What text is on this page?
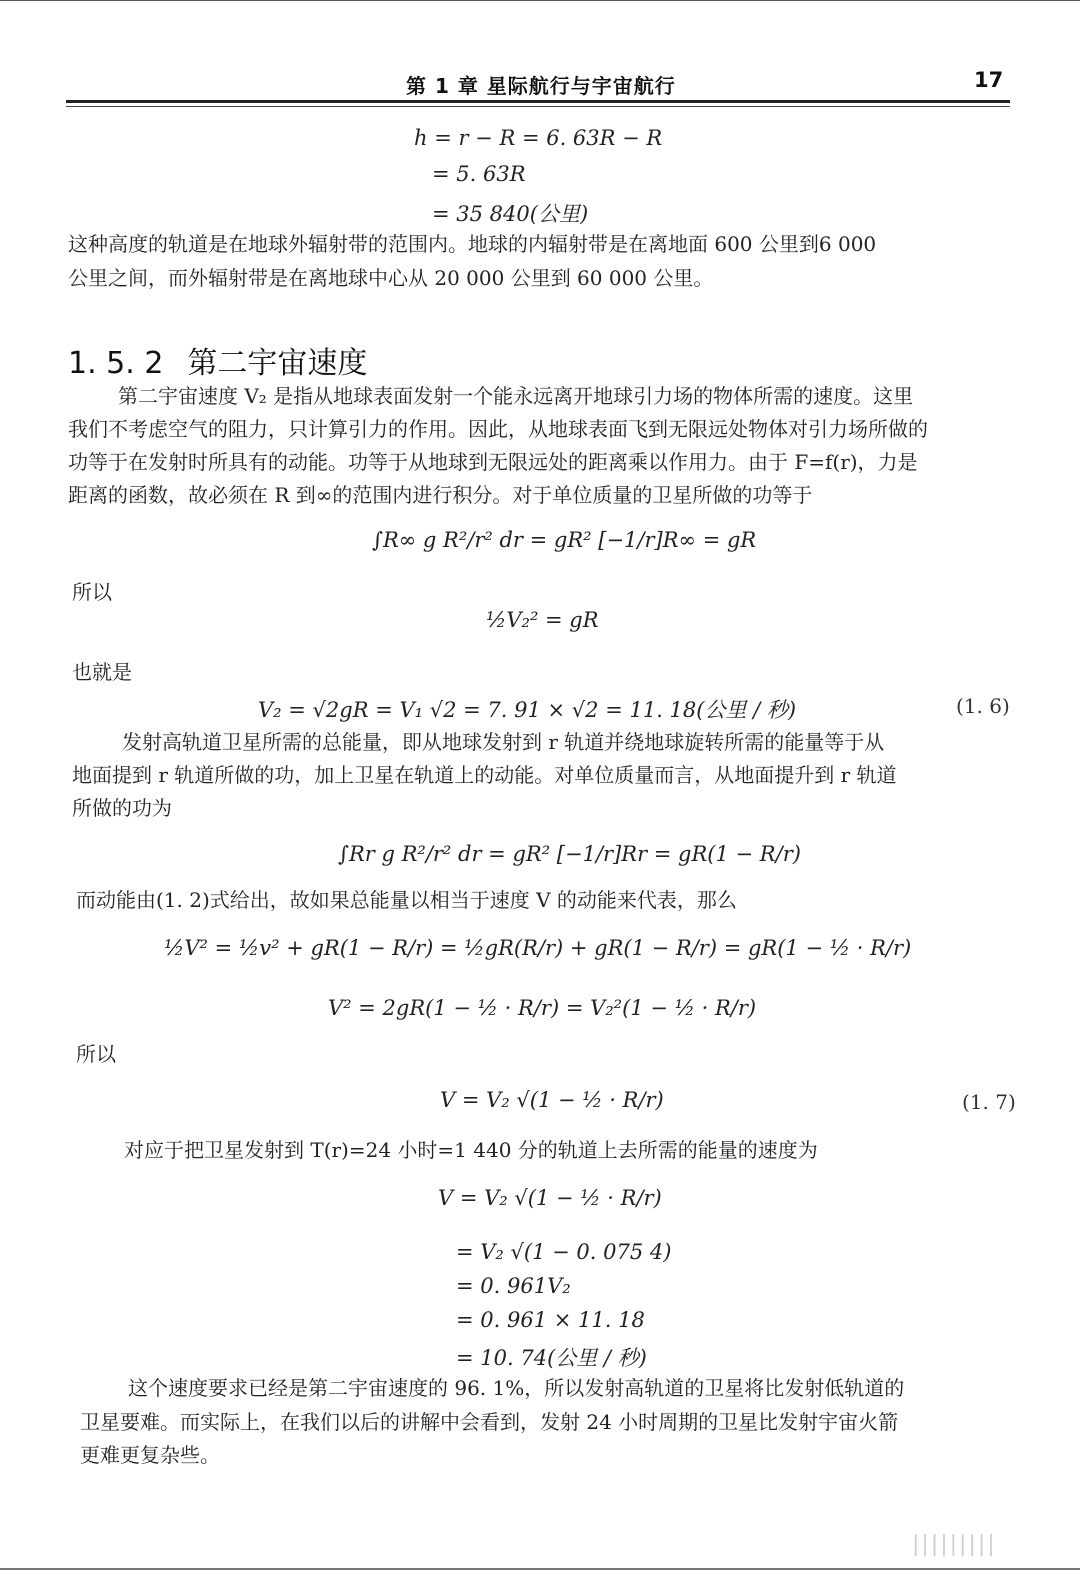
第 1 章 星际航行与宇宙航行	17
h = r − R = 6. 63R − R
= 5. 63R
= 35 840(公里)
这种高度的轨道是在地球外辐射带的范围内。地球的内辐射带是在离地面 600 公里到6 000
公里之间，而外辐射带是在离地球中心从 20 000 公里到 60 000 公里。
1. 5. 2 第二宇宙速度
第二宇宙速度 V₂ 是指从地球表面发射一个能永远离开地球引力场的物体所需的速度。这里
我们不考虑空气的阻力，只计算引力的作用。因此，从地球表面飞到无限远处物体对引力场所做的
功等于在发射时所具有的动能。功等于从地球到无限远处的距离乘以作用力。由于 F=f(r)，力是
距离的函数，故必须在 R 到∞的范围内进行积分。对于单位质量的卫星所做的功等于
∫R∞ g R²/r² dr = gR² [−1/r]R∞ = gR
所以
½V₂² = gR
也就是
V₂ = √2gR = V₁ √2 = 7. 91 × √2 = 11. 18(公里 / 秒)	(1. 6)
发射高轨道卫星所需的总能量，即从地球发射到 r 轨道并绕地球旋转所需的能量等于从
地面提到 r 轨道所做的功，加上卫星在轨道上的动能。对单位质量而言，从地面提升到 r 轨道
所做的功为
∫Rr g R²/r² dr = gR² [−1/r]Rr = gR(1 − R/r)
而动能由(1. 2)式给出，故如果总能量以相当于速度 V 的动能来代表，那么
½V² = ½v² + gR(1 − R/r) = ½gR(R/r) + gR(1 − R/r) = gR(1 − ½ · R/r)
V² = 2gR(1 − ½ · R/r) = V₂²(1 − ½ · R/r)
所以
V = V₂ √(1 − ½ · R/r)	(1. 7)
对应于把卫星发射到 T(r)=24 小时=1 440 分的轨道上去所需的能量的速度为
V = V₂ √(1 − ½ · R/r)
= V₂ √(1 − 0. 075 4)
= 0. 961V₂
= 0. 961 × 11. 18
= 10. 74(公里 / 秒)
这个速度要求已经是第二宇宙速度的 96. 1%，所以发射高轨道的卫星将比发射低轨道的
卫星要难。而实际上，在我们以后的讲解中会看到，发射 24 小时周期的卫星比发射宇宙火箭
更难更复杂些。
|||||||||
